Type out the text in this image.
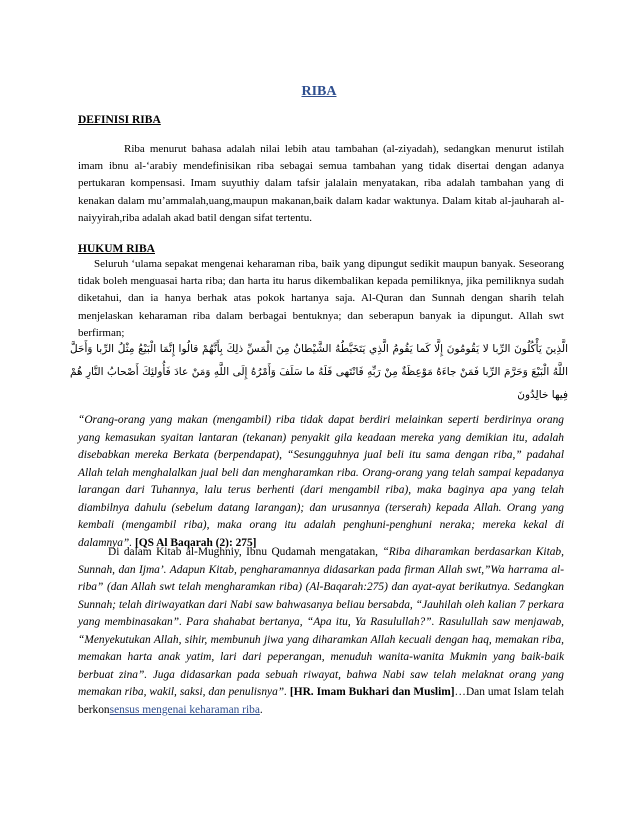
RIBA
DEFINISI RIBA

Riba menurut bahasa adalah nilai lebih atau tambahan (al-ziyadah), sedangkan menurut istilah imam ibnu al-‘arabiy mendefinisikan riba sebagai semua tambahan yang tidak disertai dengan adanya pertukaran kompensasi. Imam suyuthiy dalam tafsir jalalain menyatakan, riba adalah tambahan yang di kenakan dalam mu’ammalah,uang,maupun makanan,baik dalam kadar waktunya. Dalam kitab al-jauharah al-naiyyirah,riba adalah akad batil dengan sifat tertentu.

HUKUM RIBA

Seluruh ‘ulama sepakat mengenai keharaman riba, baik yang dipungut sedikit maupun banyak. Seseorang tidak boleh menguasai harta riba; dan harta itu harus dikembalikan kepada pemiliknya, jika pemiliknya sudah diketahui, dan ia hanya berhak atas pokok hartanya saja. Al-Quran dan Sunnah dengan sharih telah menjelaskan keharaman riba dalam berbagai bentuknya; dan seberapun banyak ia dipungut. Allah swt berfirman;

الَّذِينَ يَأْكُلُونَ الرِّبا لا يَقُومُونَ إِلَّا كَما يَقُومُ الَّذِي يَتَخَبَّطُهُ الشَّيْطانُ مِنَ الْمَسِّ ذلِكَ بِأَنَّهُمْ قالُوا إِنَّمَا الْبَيْعُ مِثْلُ الرِّبا وَأَحَلَّ اللَّهُ الْبَيْعَ وَحَرَّمَ الرِّبا فَمَنْ جاءَهُ مَوْعِظَةٌ مِنْ رَبِّهِ فَانْتَهى فَلَهُ ما سَلَفَ وَأَمْرُهُ إِلَى اللَّهِ وَمَنْ عادَ فَأُولئِكَ أَصْحابُ النَّارِ هُمْ فِيها خالِدُونَ

“Orang-orang yang makan (mengambil) riba tidak dapat berdiri melainkan seperti berdirinya orang yang kemasukan syaitan lantaran (tekanan) penyakit gila keadaan mereka yang demikian itu, adalah disebabkan mereka Berkata (berpendapat), “Sesungguhnya jual beli itu sama dengan riba,” padahal Allah telah menghalalkan jual beli dan mengharamkan riba. Orang-orang yang telah sampai kepadanya larangan dari Tuhannya, lalu terus berhenti (dari mengambil riba), maka baginya apa yang telah diambilnya dahulu (sebelum datang larangan); dan urusannya (terserah) kepada Allah. Orang yang kembali (mengambil riba), maka orang itu adalah penghuni-penghuni neraka; mereka kekal di dalamnya”. [QS Al Baqarah (2): 275]

Di dalam Kitab al-Mughniy, Ibnu Qudamah mengatakan, “Riba diharamkan berdasarkan Kitab, Sunnah, dan Ijma’. Adapun Kitab, pengharamannya didasarkan pada firman Allah swt,”Wa harrama al-riba” (dan Allah swt telah mengharamkan riba) (Al-Baqarah:275) dan ayat-ayat berikutnya. Sedangkan Sunnah; telah diriwayatkan dari Nabi saw bahwasanya beliau bersabda, “Jauhilah oleh kalian 7 perkara yang membinasakan”. Para shahabat bertanya, “Apa itu, Ya Rasulullah?”. Rasulullah saw menjawab, “Menyekutukan Allah, sihir, membunuh jiwa yang diharamkan Allah kecuali dengan haq, memakan riba, memakan harta anak yatim, lari dari peperangan, menuduh wanita-wanita Mukmin yang baik-baik berbuat zina”. Juga didasarkan pada sebuah riwayat, bahwa Nabi saw telah melaknat orang yang memakan riba, wakil, saksi, dan penulisnya”. [HR. Imam Bukhari dan Muslim]…Dan umat Islam telah berkonsensus mengenai keharaman riba.
